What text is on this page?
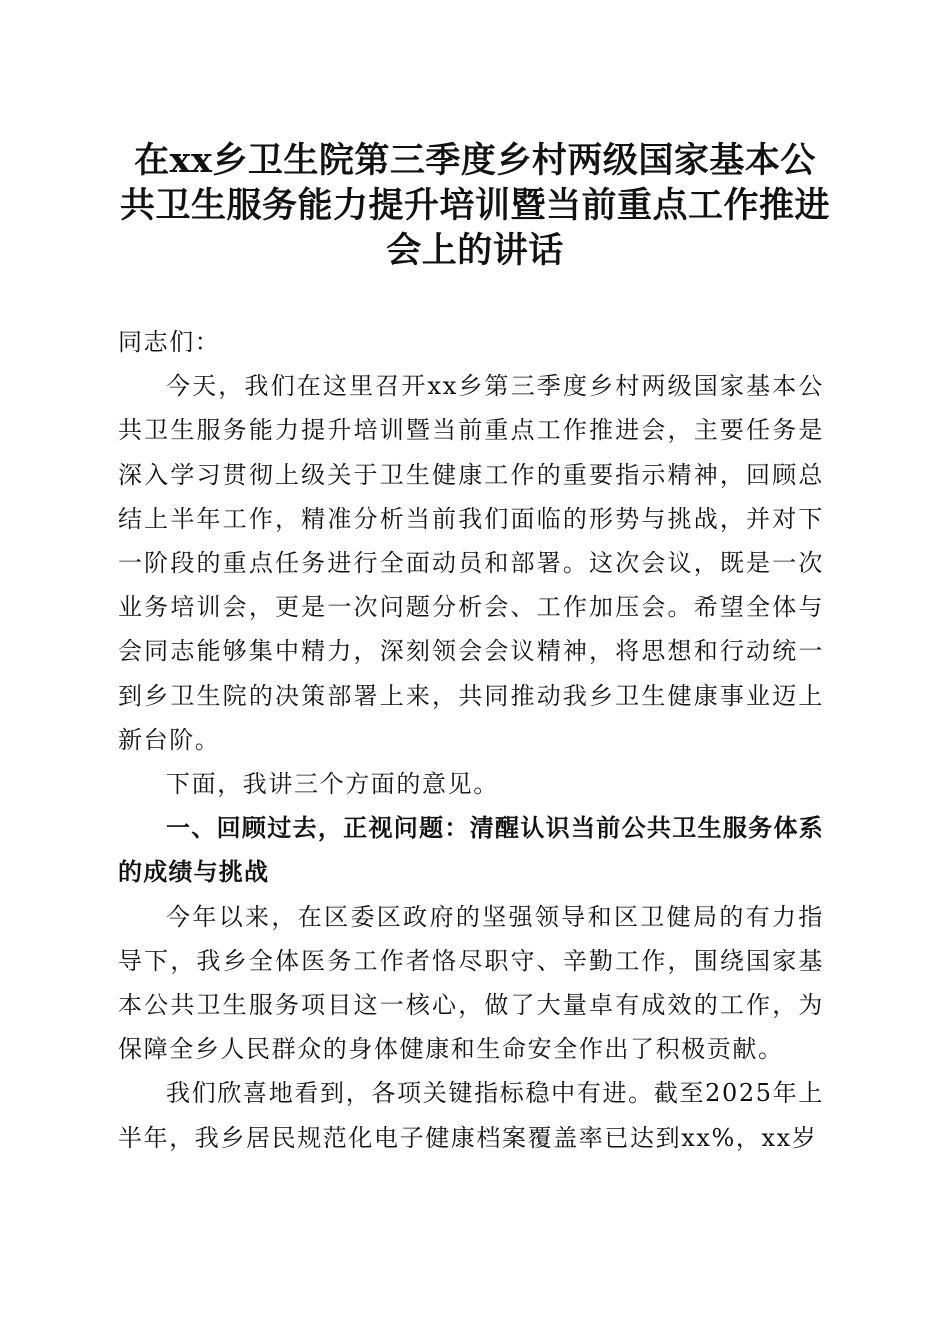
在xx乡卫生院第三季度乡村两级国家基本公共卫生服务能力提升培训暨当前重点工作推进会上的讲话

同志们：

今天，我们在这里召开xx乡第三季度乡村两级国家基本公共卫生服务能力提升培训暨当前重点工作推进会，主要任务是深入学习贯彻上级关于卫生健康工作的重要指示精神，回顾总结上半年工作，精准分析当前我们面临的形势与挑战，并对下一阶段的重点任务进行全面动员和部署。这次会议，既是一次业务培训会，更是一次问题分析会、工作加压会。希望全体与会同志能够集中精力，深刻领会会议精神，将思想和行动统一到乡卫生院的决策部署上来，共同推动我乡卫生健康事业迈上新台阶。

下面，我讲三个方面的意见。

一、回顾过去，正视问题：清醒认识当前公共卫生服务体系的成绩与挑战

今年以来，在区委区政府的坚强领导和区卫健局的有力指导下，我乡全体医务工作者恪尽职守、辛勤工作，围绕国家基本公共卫生服务项目这一核心，做了大量卓有成效的工作，为保障全乡人民群众的身体健康和生命安全作出了积极贡献。

我们欣喜地看到，各项关键指标稳中有进。截至2025年上半年，我乡居民规范化电子健康档案覆盖率已达到xx%，xx岁
